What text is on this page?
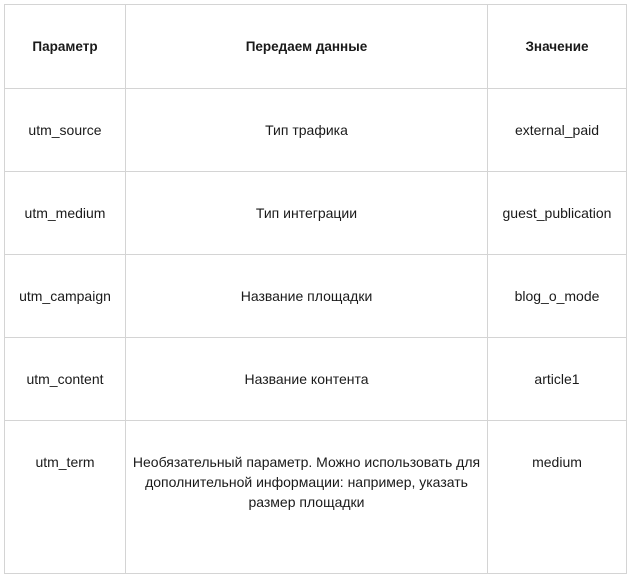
Параметр	Передаем данные	Значение
utm_source	Тип трафика	external_paid
utm_medium	Тип интеграции	guest_publication
utm_campaign	Название площадки	blog_o_mode
utm_content	Название контента	article1
utm_term	Необязательный параметр. Можно использовать для дополнительной информации: например, указать размер площадки	medium
